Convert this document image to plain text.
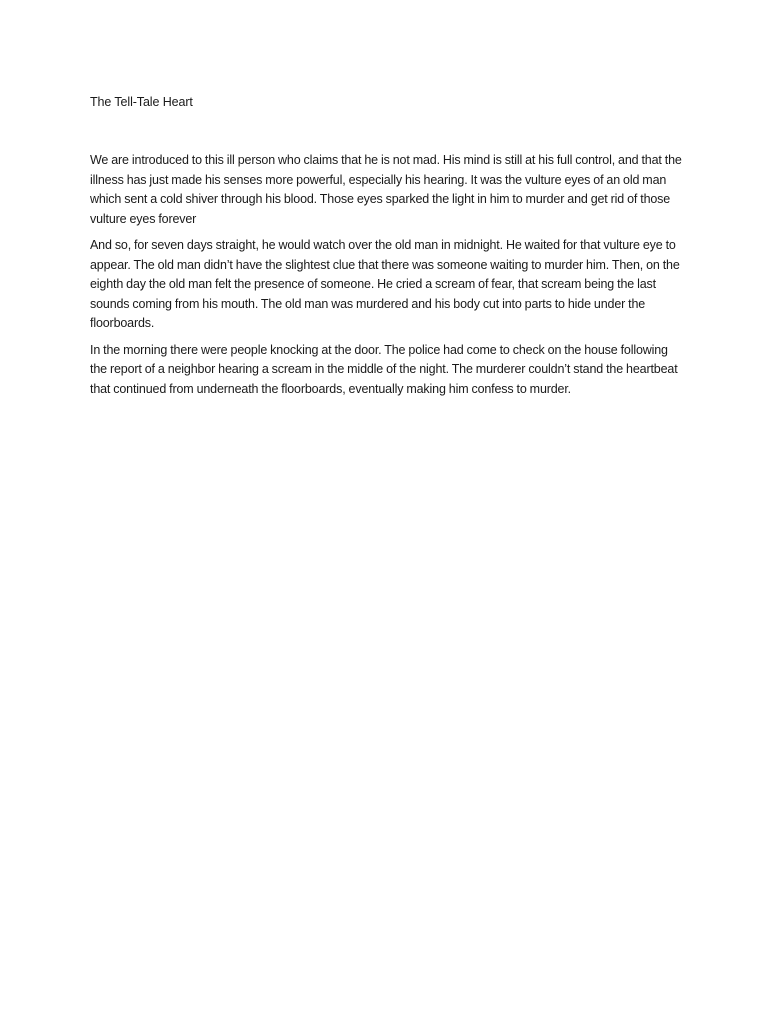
The Tell-Tale Heart

We are introduced to this ill person who claims that he is not mad. His mind is still at his full control, and that the illness has just made his senses more powerful, especially his hearing. It was the vulture eyes of an old man which sent a cold shiver through his blood. Those eyes sparked the light in him to murder and get rid of those vulture eyes forever

And so, for seven days straight, he would watch over the old man in midnight. He waited for that vulture eye to appear. The old man didn’t have the slightest clue that there was someone waiting to murder him. Then, on the eighth day the old man felt the presence of someone. He cried a scream of fear, that scream being the last sounds coming from his mouth. The old man was murdered and his body cut into parts to hide under the floorboards.

In the morning there were people knocking at the door. The police had come to check on the house following the report of a neighbor hearing a scream in the middle of the night. The murderer couldn’t stand the heartbeat that continued from underneath the floorboards, eventually making him confess to murder.
